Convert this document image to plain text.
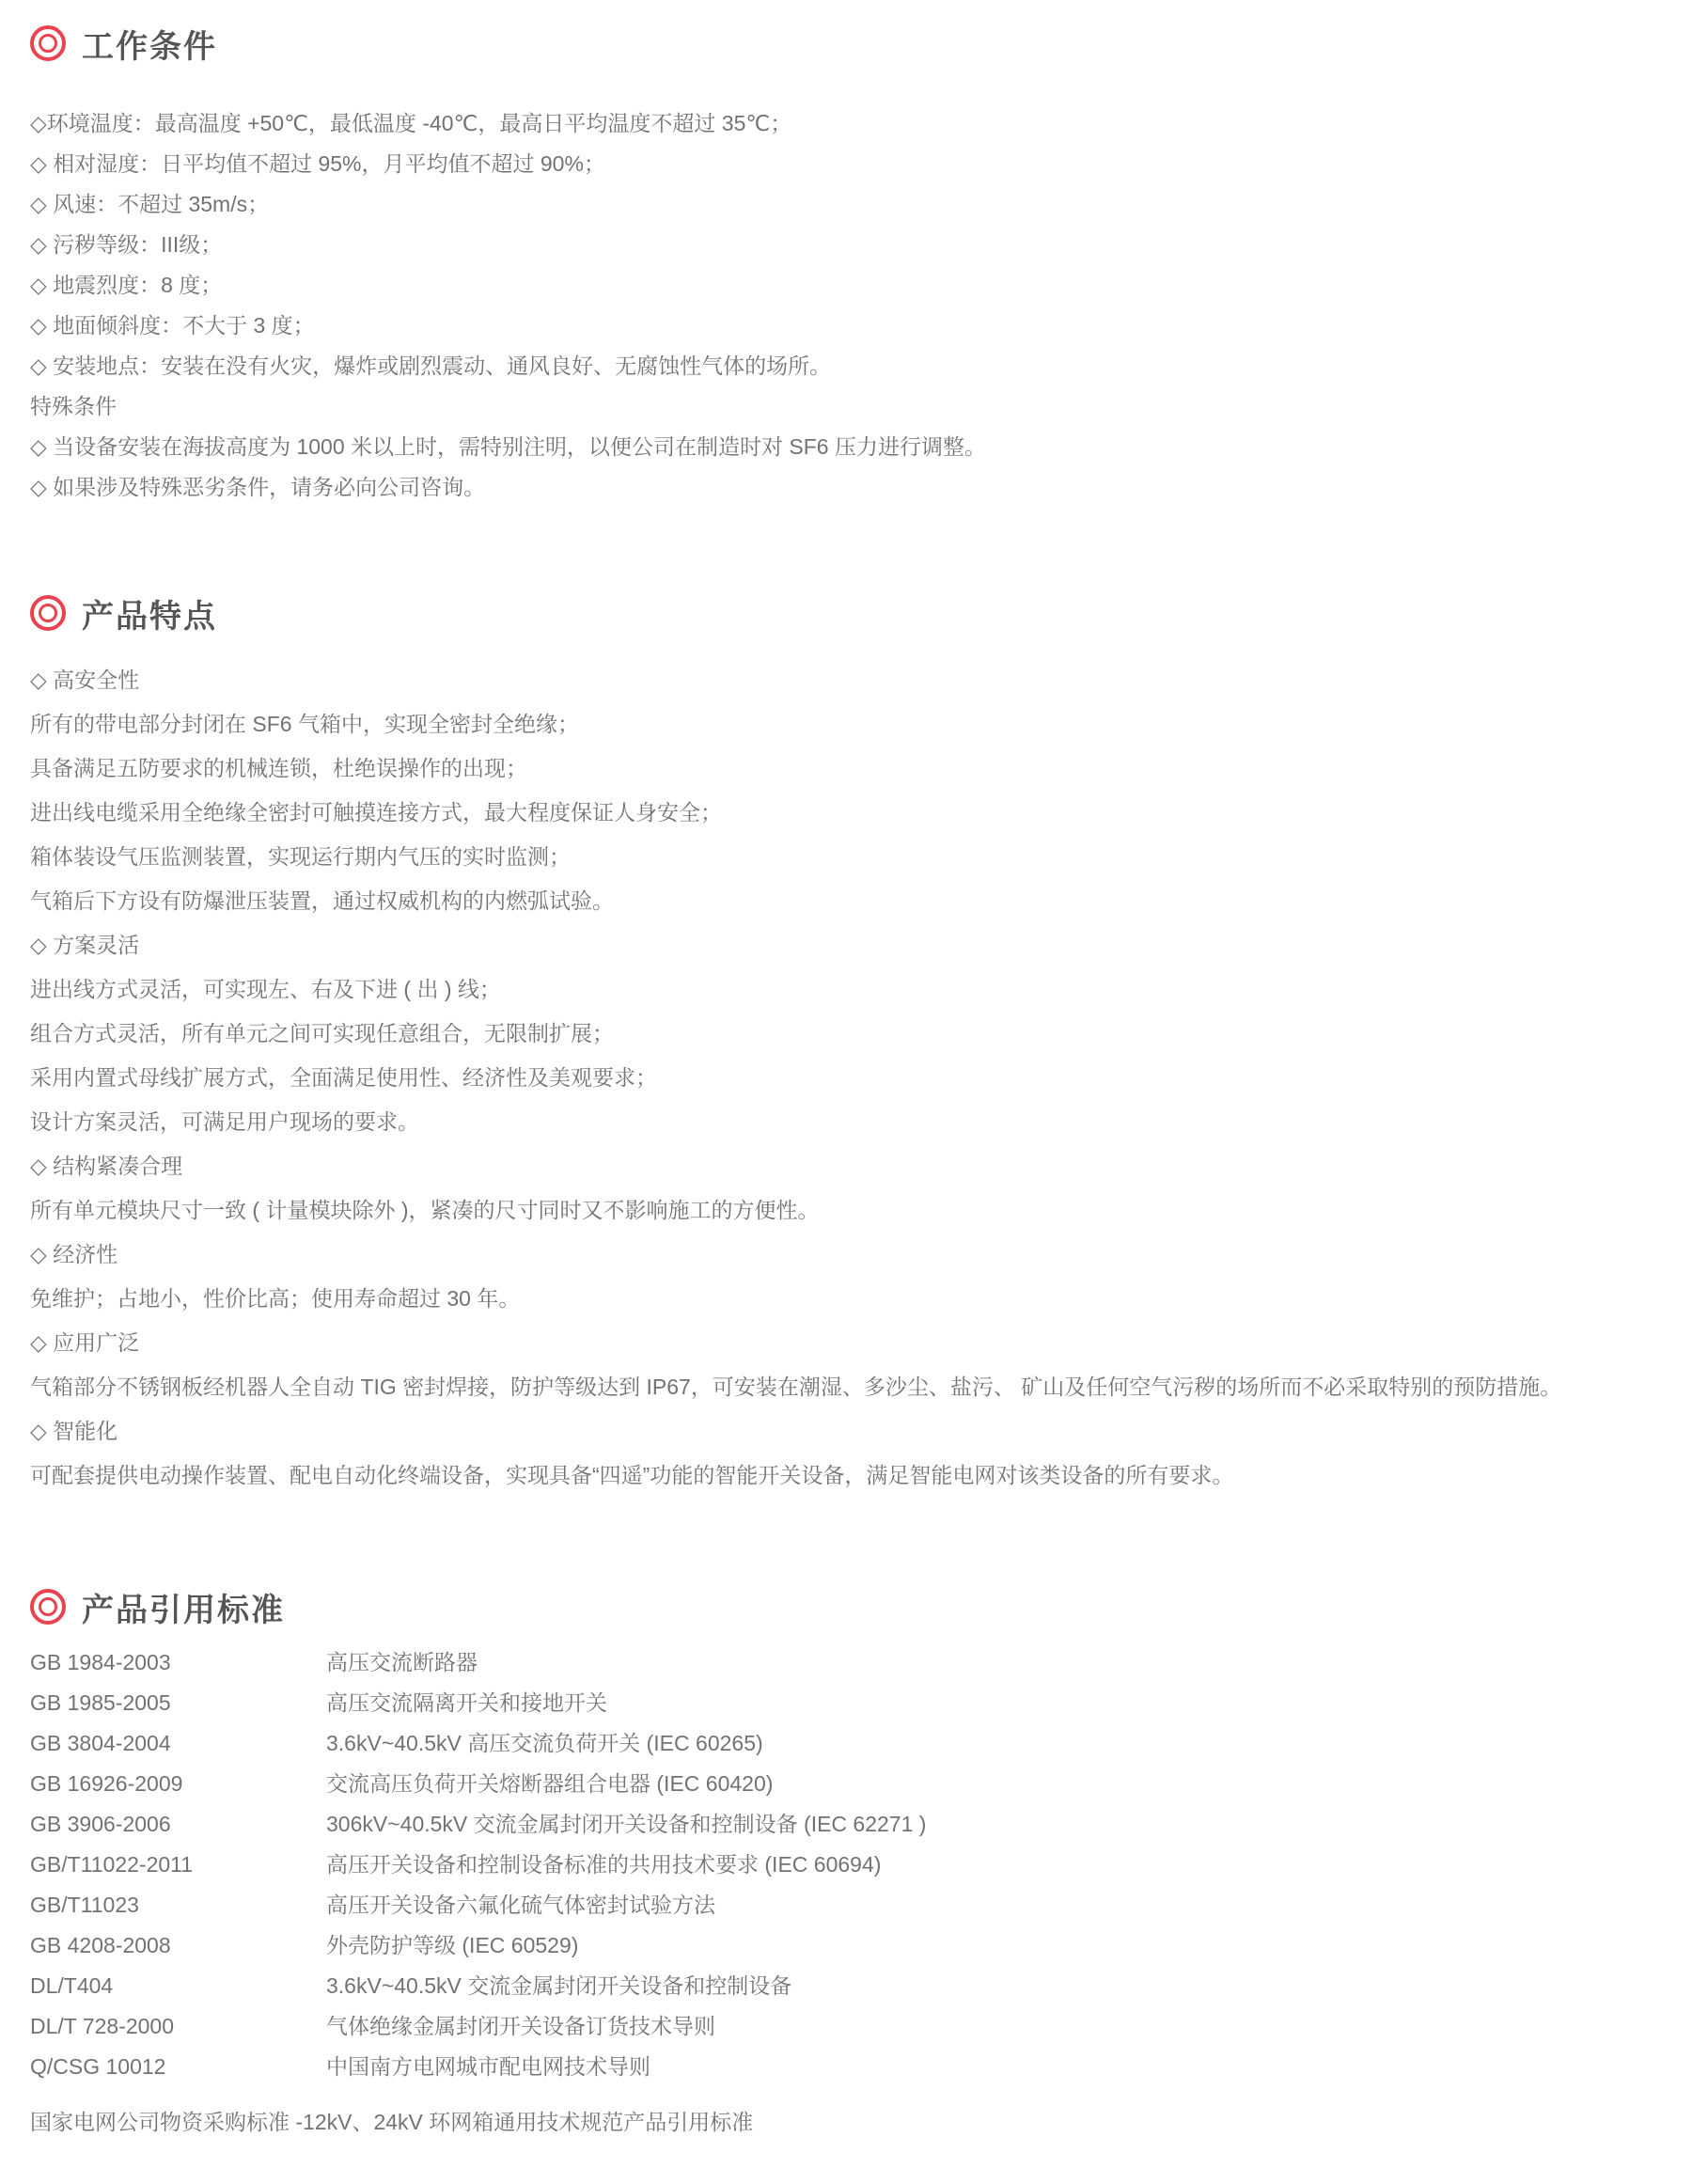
工作条件

◇环境温度：最高温度 +50℃，最低温度 -40℃，最高日平均温度不超过 35℃；

◇ 相对湿度：日平均值不超过 95%，月平均值不超过 90%；

◇ 风速：不超过 35m/s；

◇ 污秽等级：III级；

◇ 地震烈度：8 度；

◇ 地面倾斜度：不大于 3 度；

◇ 安装地点：安装在没有火灾，爆炸或剧烈震动、通风良好、无腐蚀性气体的场所。

特殊条件

◇ 当设备安装在海拔高度为 1000 米以上时，需特别注明，以便公司在制造时对 SF6 压力进行调整。

◇ 如果涉及特殊恶劣条件，请务必向公司咨询。

产品特点

◇ 高安全性

所有的带电部分封闭在 SF6 气箱中，实现全密封全绝缘；

具备满足五防要求的机械连锁，杜绝误操作的出现；

进出线电缆采用全绝缘全密封可触摸连接方式，最大程度保证人身安全；

箱体装设气压监测装置，实现运行期内气压的实时监测；

气箱后下方设有防爆泄压装置，通过权威机构的内燃弧试验。

◇ 方案灵活

进出线方式灵活，可实现左、右及下进 ( 出 ) 线；

组合方式灵活，所有单元之间可实现任意组合，无限制扩展；

采用内置式母线扩展方式，全面满足使用性、经济性及美观要求；

设计方案灵活，可满足用户现场的要求。

◇ 结构紧凑合理

所有单元模块尺寸一致 ( 计量模块除外 )，紧凑的尺寸同时又不影响施工的方便性。

◇ 经济性

免维护；占地小，性价比高；使用寿命超过 30 年。

◇ 应用广泛

气箱部分不锈钢板经机器人全自动 TIG 密封焊接，防护等级达到 IP67，可安装在潮湿、多沙尘、盐污、 矿山及任何空气污秽的场所而不必采取特别的预防措施。

◇ 智能化

可配套提供电动操作装置、配电自动化终端设备，实现具备“四遥”功能的智能开关设备，满足智能电网对该类设备的所有要求。

产品引用标准
GB 1984-2003	高压交流断路器
GB 1985-2005	高压交流隔离开关和接地开关
GB 3804-2004	3.6kV~40.5kV 高压交流负荷开关 (IEC 60265)
GB 16926-2009	交流高压负荷开关熔断器组合电器 (IEC 60420)
GB 3906-2006	306kV~40.5kV 交流金属封闭开关设备和控制设备 (IEC 62271 )
GB/T11022-2011	高压开关设备和控制设备标准的共用技术要求 (IEC 60694)
GB/T11023	高压开关设备六氟化硫气体密封试验方法
GB 4208-2008	外壳防护等级 (IEC 60529)
DL/T404	3.6kV~40.5kV 交流金属封闭开关设备和控制设备
DL/T 728-2000	气体绝缘金属封闭开关设备订货技术导则
Q/CSG 10012	中国南方电网城市配电网技术导则

国家电网公司物资采购标准 -12kV、24kV 环网箱通用技术规范产品引用标准
